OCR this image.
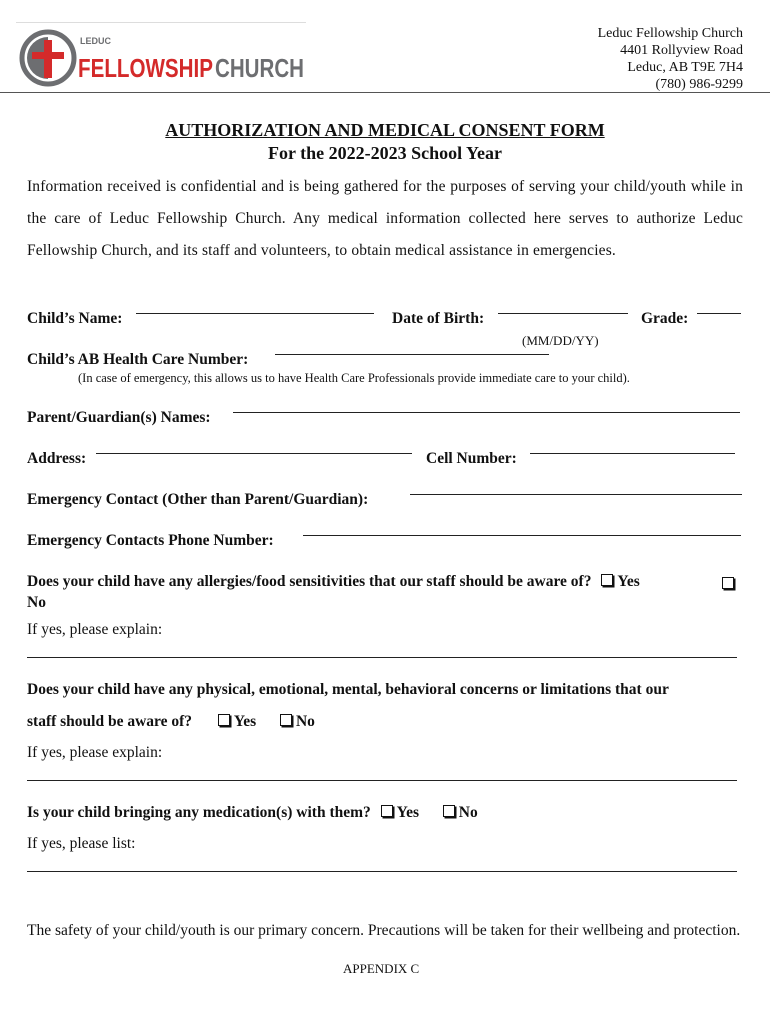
LEDUC
FELLOWSHIP CHURCH
Leduc Fellowship Church
4401 Rollyview Road
Leduc, AB T9E 7H4
(780) 986-9299
AUTHORIZATION AND MEDICAL CONSENT FORM
For the 2022-2023 School Year
Information received is confidential and is being gathered for the purposes of serving your child/youth while in the care of Leduc Fellowship Church. Any medical information collected here serves to authorize Leduc Fellowship Church, and its staff and volunteers, to obtain medical assistance in emergencies.
Child’s Name:	Date of Birth:	Grade:
(MM/DD/YY)
Child’s AB Health Care Number:
(In case of emergency, this allows us to have Health Care Professionals provide immediate care to your child).
Parent/Guardian(s) Names:
Address:	Cell Number:
Emergency Contact (Other than Parent/Guardian):
Emergency Contacts Phone Number:
Does your child have any allergies/food sensitivities that our staff should be aware of? Yes
No
If yes, please explain:
Does your child have any physical, emotional, mental, behavioral concerns or limitations that our
staff should be aware of?	Yes	No
If yes, please explain:
Is your child bringing any medication(s) with them? Yes	No
If yes, please list:
The safety of your child/youth is our primary concern. Precautions will be taken for their wellbeing and protection.
APPENDIX C
